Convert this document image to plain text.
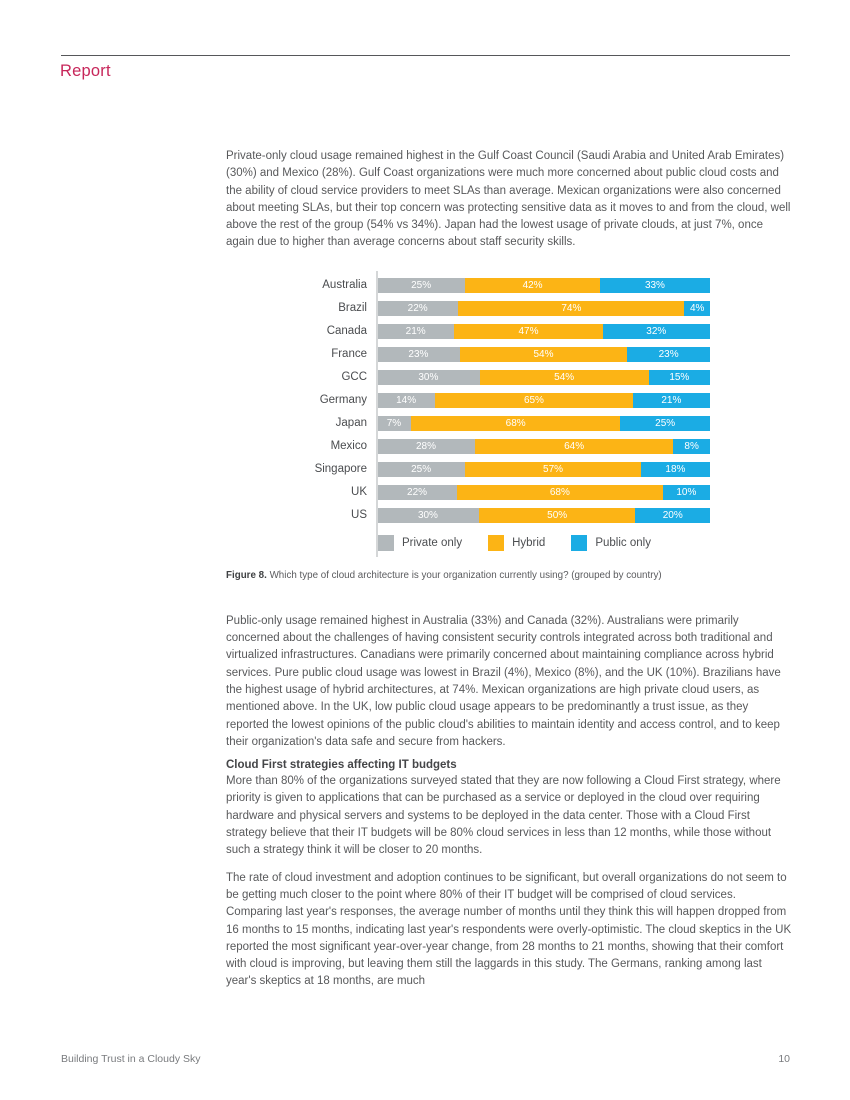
Report

Private-only cloud usage remained highest in the Gulf Coast Council (Saudi Arabia and United Arab Emirates) (30%) and Mexico (28%). Gulf Coast organizations were much more concerned about public cloud costs and the ability of cloud service providers to meet SLAs than average. Mexican organizations were also concerned about meeting SLAs, but their top concern was protecting sensitive data as it moves to and from the cloud, well above the rest of the group (54% vs 34%). Japan had the lowest usage of private clouds, at just 7%, once again due to higher than average concerns about staff security skills.

Australia	25%	42%	33%
Brazil	22%	74%	4%
Canada	21%	47%	32%
France	23%	54%	23%
GCC	30%	54%	15%
Germany	14%	65%	21%
Japan	7%	68%	25%
Mexico	28%	64%	8%
Singapore	25%	57%	18%
UK	22%	68%	10%
US	30%	50%	20%
Private only	Hybrid	Public only

Figure 8. Which type of cloud architecture is your organization currently using? (grouped by country)

Public-only usage remained highest in Australia (33%) and Canada (32%). Australians were primarily concerned about the challenges of having consistent security controls integrated across both traditional and virtualized infrastructures. Canadians were primarily concerned about maintaining compliance across hybrid services. Pure public cloud usage was lowest in Brazil (4%), Mexico (8%), and the UK (10%). Brazilians have the highest usage of hybrid architectures, at 74%. Mexican organizations are high private cloud users, as mentioned above. In the UK, low public cloud usage appears to be predominantly a trust issue, as they reported the lowest opinions of the public cloud's abilities to maintain identity and access control, and to keep their organization's data safe and secure from hackers.

Cloud First strategies affecting IT budgets

More than 80% of the organizations surveyed stated that they are now following a Cloud First strategy, where priority is given to applications that can be purchased as a service or deployed in the cloud over requiring hardware and physical servers and systems to be deployed in the data center. Those with a Cloud First strategy believe that their IT budgets will be 80% cloud services in less than 12 months, while those without such a strategy think it will be closer to 20 months.

The rate of cloud investment and adoption continues to be significant, but overall organizations do not seem to be getting much closer to the point where 80% of their IT budget will be comprised of cloud services. Comparing last year's responses, the average number of months until they think this will happen dropped from 16 months to 15 months, indicating last year's respondents were overly-optimistic. The cloud skeptics in the UK reported the most significant year-over-year change, from 28 months to 21 months, showing that their comfort with cloud is improving, but leaving them still the laggards in this study. The Germans, ranking among last year's skeptics at 18 months, are much

Building Trust in a Cloudy Sky	10
